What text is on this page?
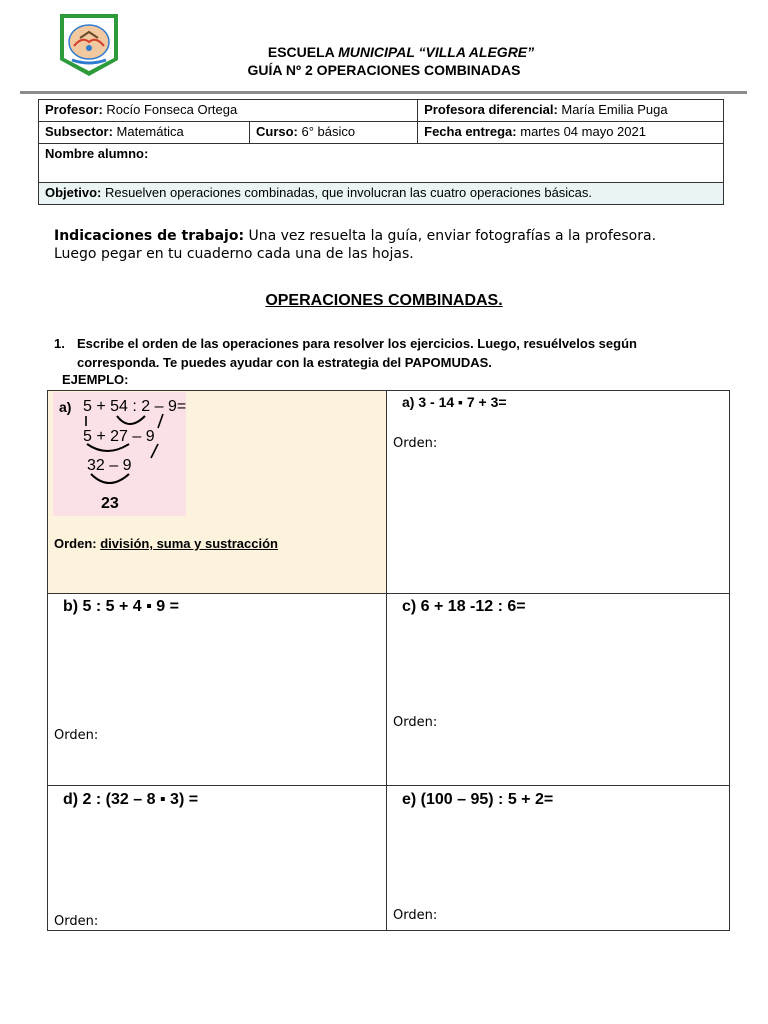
ESCUELA MUNICIPAL “VILLA ALEGRE”
GUÍA Nº 2 OPERACIONES COMBINADAS
Profesor: Rocío Fonseca Ortega		Profesora diferencial: María Emilia Puga
Subsector: Matemática	Curso: 6° básico	Fecha entrega: martes 04 mayo 2021
Nombre alumno:		
Objetivo: Resuelven operaciones combinadas, que involucran las cuatro operaciones básicas.		
Indicaciones de trabajo: Una vez resuelta la guía, enviar fotografías a la profesora.
Luego pegar en tu cuaderno cada una de las hojas.
OPERACIONES COMBINADAS.
1. Escribe el orden de las operaciones para resolver los ejercicios. Luego, resuélvelos según corresponda. Te puedes ayudar con la estrategia del PAPOMUDAS.
EJEMPLO:
a) 5 + 54 : 2 – 9=
5 + 27 – 9
32 – 9
23
Orden: división, suma y sustracción
a) 3 - 14 ▪ 7 + 3=
Orden:
b) 5 : 5 + 4 ▪ 9 =
Orden:
c) 6 + 18 -12 : 6=
Orden:
d) 2 : (32 – 8 ▪ 3) =
Orden:
e) (100 – 95) : 5 + 2=
Orden:
